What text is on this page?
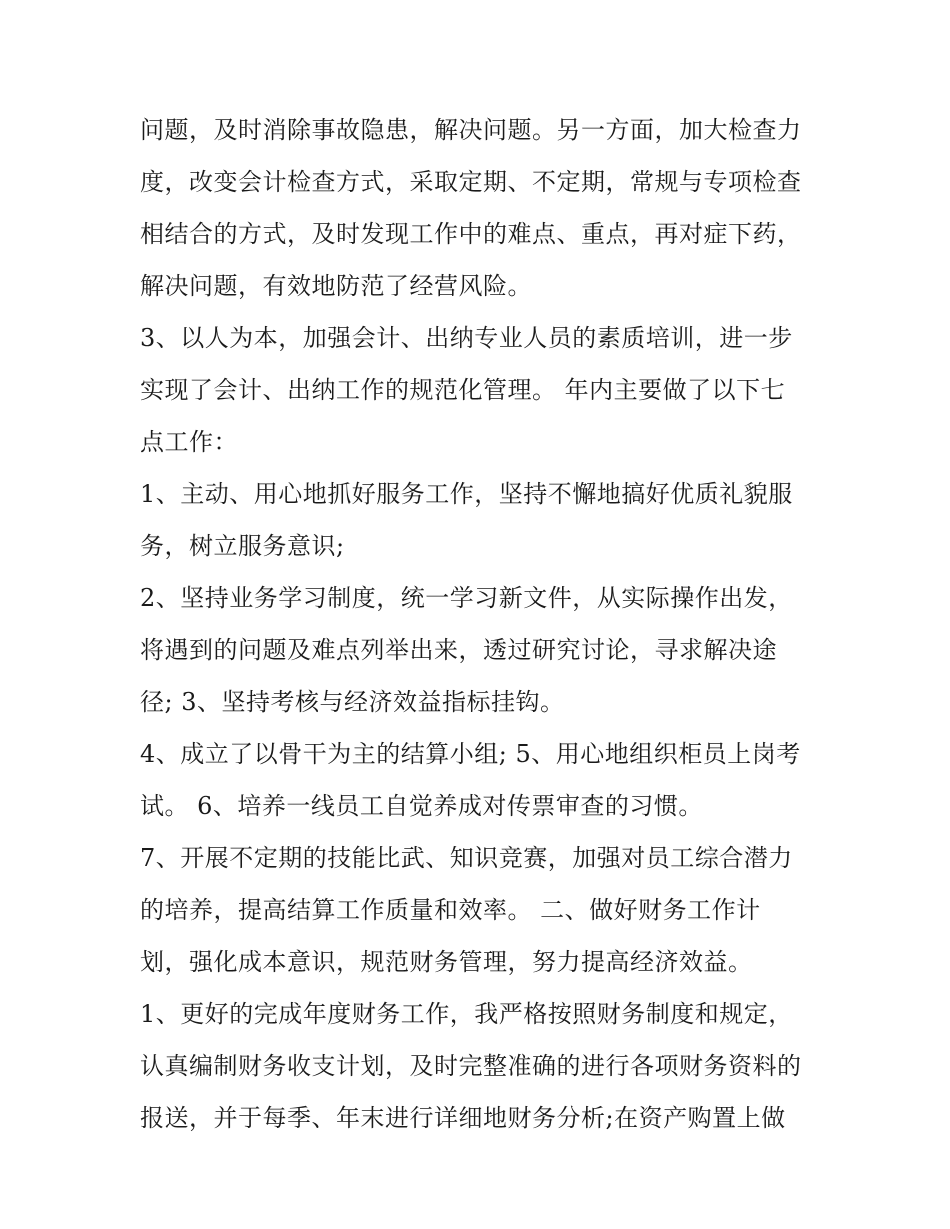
问题，及时消除事故隐患，解决问题。另一方面，加大检查力
度，改变会计检查方式，采取定期、不定期，常规与专项检查
相结合的方式，及时发现工作中的难点、重点，再对症下药，
解决问题，有效地防范了经营风险。
3、以人为本，加强会计、出纳专业人员的素质培训，进一步
实现了会计、出纳工作的规范化管理。 年内主要做了以下七
点工作：
1、主动、用心地抓好服务工作，坚持不懈地搞好优质礼貌服
务，树立服务意识;
2、坚持业务学习制度，统一学习新文件，从实际操作出发，
将遇到的问题及难点列举出来，透过研究讨论，寻求解决途
径; 3、坚持考核与经济效益指标挂钩。
4、成立了以骨干为主的结算小组; 5、用心地组织柜员上岗考
试。 6、培养一线员工自觉养成对传票审查的习惯。
7、开展不定期的技能比武、知识竞赛，加强对员工综合潜力
的培养，提高结算工作质量和效率。 二、做好财务工作计
划，强化成本意识，规范财务管理，努力提高经济效益。
1、更好的完成年度财务工作，我严格按照财务制度和规定，
认真编制财务收支计划，及时完整准确的进行各项财务资料的
报送，并于每季、年末进行详细地财务分析;在资产购置上做
